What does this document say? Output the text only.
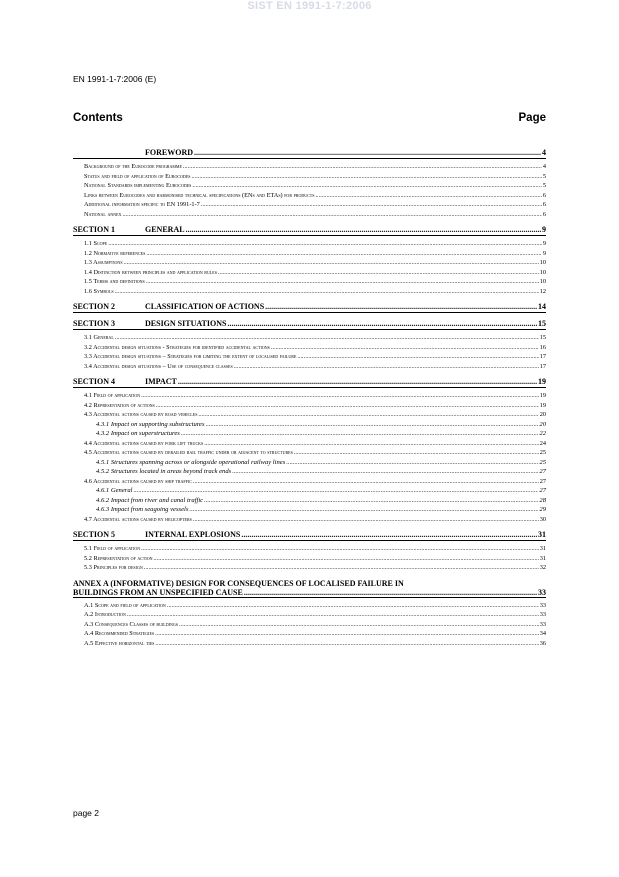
SIST EN 1991-1-7:2006
EN 1991-1-7:2006 (E)
Contents	Page
FOREWORD .....	4
Background of the Eurocode programme .....	4
Status and field of application of Eurocodes .....	5
National Standards implementing Eurocodes .....	5
Links between Eurocodes and harmonised technical specifications (ENs and ETAs) for products .....	6
Additional information specific to EN 1991-1-7 .....	6
National annex .....	6
SECTION 1	GENERAL .....	9
1.1 Scope .....	9
1.2 Normative references .....	9
1.3 Assumptions .....	10
1.4 Distinction between principles and application rules .....	10
1.5 Terms and definitions .....	10
1.6 Symbols .....	12
SECTION 2	CLASSIFICATION OF ACTIONS .....	14
SECTION 3	DESIGN SITUATIONS .....	15
3.1 General .....	15
3.2 Accidental design situations - Strategies for identified accidental actions .....	16
3.3 Accidental design situations – Strategies for limiting the extent of localised failure .....	17
3.4 Accidental design situations – Use of consequence classes .....	17
SECTION 4	IMPACT .....	19
4.1 Field of application .....	19
4.2 Representation of actions .....	19
4.3 Accidental actions caused by road vehicles .....	20
4.3.1 Impact on supporting substructures .....	20
4.3.2 Impact on superstructures .....	22
4.4 Accidental actions caused by fork lift trucks .....	24
4.5 Accidental actions caused by derailed rail traffic under or adjacent to structures .....	25
4.5.1 Structures spanning across or alongside operational railway lines .....	25
4.5.2 Structures located in areas beyond track ends .....	27
4.6 Accidental actions caused by ship traffic .....	27
4.6.1 General .....	27
4.6.2 Impact from river and canal traffic .....	28
4.6.3 Impact from seagoing vessels .....	29
4.7 Accidental actions caused by helicopters .....	30
SECTION 5	INTERNAL EXPLOSIONS .....	31
5.1 Field of application .....	31
5.2 Representation of action .....	31
5.3 Principles for design .....	32
ANNEX A (INFORMATIVE) DESIGN FOR CONSEQUENCES OF LOCALISED FAILURE IN
BUILDINGS FROM AN UNSPECIFIED CAUSE .....	33
A.1 Scope and field of application .....	33
A.2 Introduction .....	33
A.3 Consequences Classes of buildings .....	33
A.4 Recommended Strategies .....	34
A.5 Effective horizontal ties .....	36
page 2
